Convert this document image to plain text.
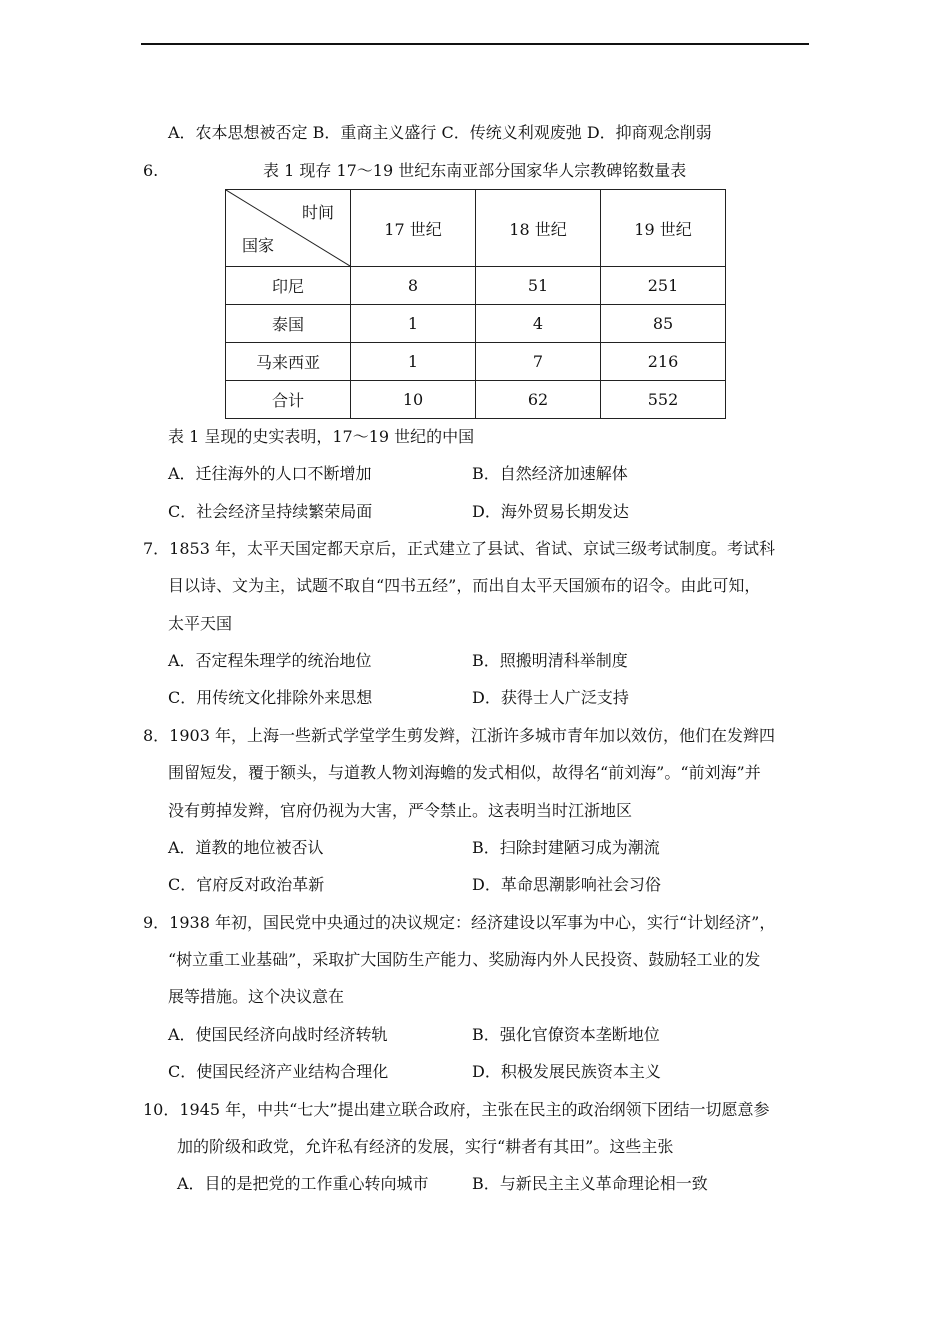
A．农本思想被否定 B．重商主义盛行 C．传统义利观废弛 D．抑商观念削弱
6.	表 1 现存 17～19 世纪东南亚部分国家华人宗教碑铭数量表
时间
国家	17 世纪	18 世纪	19 世纪
印尼	8	51	251
泰国	1	4	85
马来西亚	1	7	216
合计	10	62	552
表 1 呈现的史实表明，17～19 世纪的中国
A．迁往海外的人口不断增加	B．自然经济加速解体
C．社会经济呈持续繁荣局面	D．海外贸易长期发达
7．1853 年，太平天国定都天京后，正式建立了县试、省试、京试三级考试制度。考试科
目以诗、文为主，试题不取自“四书五经”，而出自太平天国颁布的诏令。由此可知，
太平天国
A．否定程朱理学的统治地位	B．照搬明清科举制度
C．用传统文化排除外来思想	D．获得士人广泛支持
8．1903 年，上海一些新式学堂学生剪发辫，江浙许多城市青年加以效仿，他们在发辫四
围留短发，覆于额头，与道教人物刘海蟾的发式相似，故得名“前刘海”。“前刘海”并
没有剪掉发辫，官府仍视为大害，严令禁止。这表明当时江浙地区
A．道教的地位被否认	B．扫除封建陋习成为潮流
C．官府反对政治革新	D．革命思潮影响社会习俗
9．1938 年初，国民党中央通过的决议规定：经济建设以军事为中心，实行“计划经济”，
“树立重工业基础”，采取扩大国防生产能力、奖励海内外人民投资、鼓励轻工业的发
展等措施。这个决议意在
A．使国民经济向战时经济转轨	B．强化官僚资本垄断地位
C．使国民经济产业结构合理化	D．积极发展民族资本主义
10．1945 年，中共“七大”提出建立联合政府，主张在民主的政治纲领下团结一切愿意参
加的阶级和政党，允许私有经济的发展，实行“耕者有其田”。这些主张
A．目的是把党的工作重心转向城市	B．与新民主主义革命理论相一致
